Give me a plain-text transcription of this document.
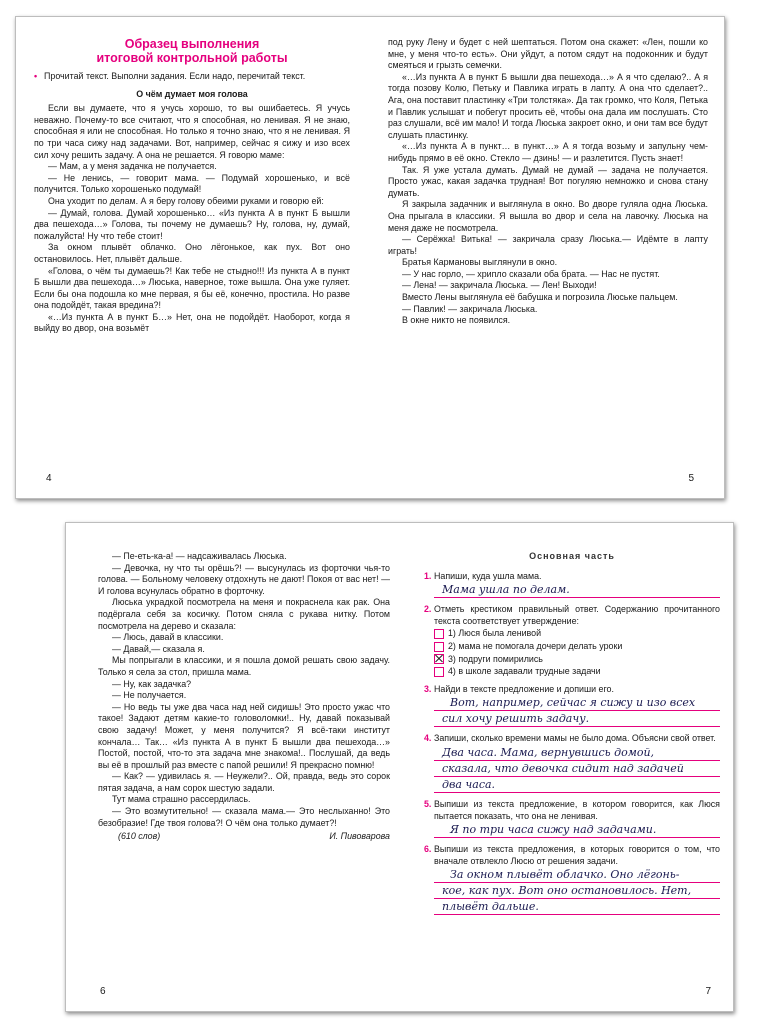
Образец выполнения

итоговой контрольной работы

• Прочитай текст. Выполни задания. Если надо, перечитай текст.

О чём думает моя голова

Если вы думаете, что я учусь хорошо, то вы ошибаетесь. Я учусь неважно. Почему-то все считают, что я способная, но ленивая. Я не знаю, способная я или не способная. Но только я точно знаю, что я не ленивая. Я по три часа сижу над задачами. Вот, например, сейчас я сижу и изо всех сил хочу решить задачу. А она не решается. Я говорю маме:

— Мам, а у меня задачка не получается.

— Не ленись, — говорит мама. — Подумай хорошенько, и всё получится. Только хорошенько подумай!

Она уходит по делам. А я беру голову обеими руками и говорю ей:

— Думай, голова. Думай хорошенько… «Из пункта А в пункт Б вышли два пешехода…» Голова, ты почему не думаешь? Ну, голова, ну, думай, пожалуйста! Ну что тебе стоит!

За окном плывёт облачко. Оно лёгонькое, как пух. Вот оно остановилось. Нет, плывёт дальше.

«Голова, о чём ты думаешь?! Как тебе не стыдно!!! Из пункта А в пункт Б вышли два пешехода…» Люська, наверное, тоже вышла. Она уже гуляет. Если бы она подошла ко мне первая, я бы её, конечно, простила. Но разве она подойдёт, такая вредина?!

«…Из пункта А в пункт Б…» Нет, она не подойдёт. Наоборот, когда я выйду во двор, она возьмёт

4

под руку Лену и будет с ней шептаться. Потом она скажет: «Лен, пошли ко мне, у меня что-то есть». Они уйдут, а потом сядут на подоконник и будут смеяться и грызть семечки.

«…Из пункта А в пункт Б вышли два пешехода…» А я что сделаю?.. А я тогда позову Колю, Петьку и Павлика играть в лапту. А она что сделает?.. Ага, она поставит пластинку «Три толстяка». Да так громко, что Коля, Петька и Павлик услышат и побегут просить её, чтобы она дала им послушать. Сто раз слушали, всё им мало! И тогда Люська закроет окно, и они там все будут слушать пластинку.

«…Из пункта А в пункт… в пункт…» А я тогда возьму и запульну чем-нибудь прямо в её окно. Стекло — дзинь! — и разлетится. Пусть знает!

Так. Я уже устала думать. Думай не думай — задача не получается. Просто ужас, какая задачка трудная! Вот погуляю немножко и снова стану думать.

Я закрыла задачник и выглянула в окно. Во дворе гуляла одна Люська. Она прыгала в классики. Я вышла во двор и села на лавочку. Люська на меня даже не посмотрела.

— Серёжка! Витька! — закричала сразу Люська.— Идёмте в лапту играть!

Братья Кармановы выглянули в окно.

— У нас горло, — хрипло сказали оба брата. — Нас не пустят.

— Лена! — закричала Люська. — Лен! Выходи!

Вместо Лены выглянула её бабушка и погрозила Люське пальцем.

— Павлик! — закричала Люська.

В окне никто не появился.

5

— Пе-еть-ка-а! — надсаживалась Люська.

— Девочка, ну что ты орёшь?! — высунулась из форточки чья-то голова. — Больному человеку отдохнуть не дают! Покоя от вас нет! — И голова всунулась обратно в форточку.

Люська украдкой посмотрела на меня и покраснела как рак. Она подёргала себя за косичку. Потом сняла с рукава нитку. Потом посмотрела на дерево и сказала:

— Люсь, давай в классики.

— Давай,— сказала я.

Мы попрыгали в классики, и я пошла домой решать свою задачу. Только я села за стол, пришла мама.

— Ну, как задачка?

— Не получается.

— Но ведь ты уже два часа над ней сидишь! Это просто ужас что такое! Задают детям какие-то головоломки!.. Ну, давай показывай свою задачу! Может, у меня получится? Я всё-таки институт кончала… Так… «Из пункта А в пункт Б вышли два пешехода…» Постой, постой, что-то эта задача мне знакома!.. Послушай, да ведь вы её в прошлый раз вместе с папой решили! Я прекрасно помню!

— Как? — удивилась я. — Неужели?.. Ой, правда, ведь это сорок пятая задача, а нам сорок шестую задали.

Тут мама страшно рассердилась.

— Это возмутительно! — сказала мама.— Это неслыханно! Это безобразие! Где твоя голова?! О чём она только думает?!

(610 слов)	И. Пивоварова

6
Основная часть
1. Напиши, куда ушла мама.

Мама ушла по делам.
2. Отметь крестиком правильный ответ. Содержанию прочитанного текста соответствует утверждение:

1) Люся была ленивой
2) мама не помогала дочери делать уроки
3) подруги помирились
4) в школе задавали трудные задачи
3. Найди в тексте предложение и допиши его.

Вот, например, сейчас я сижу и изо всех
сил хочу решить задачу.
4. Запиши, сколько времени мамы не было дома. Объясни свой ответ.

Два часа. Мама, вернувшись домой,
сказала, что девочка сидит над задачей
два часа.
5. Выпиши из текста предложение, в котором говорится, как Люся пытается показать, что она не ленивая.

Я по три часа сижу над задачами.
6. Выпиши из текста предложения, в которых говорится о том, что вначале отвлекло Люсю от решения задачи.

За окном плывёт облачко. Оно лёгонь-
кое, как пух. Вот оно остановилось. Нет,
плывёт дальше.
7
